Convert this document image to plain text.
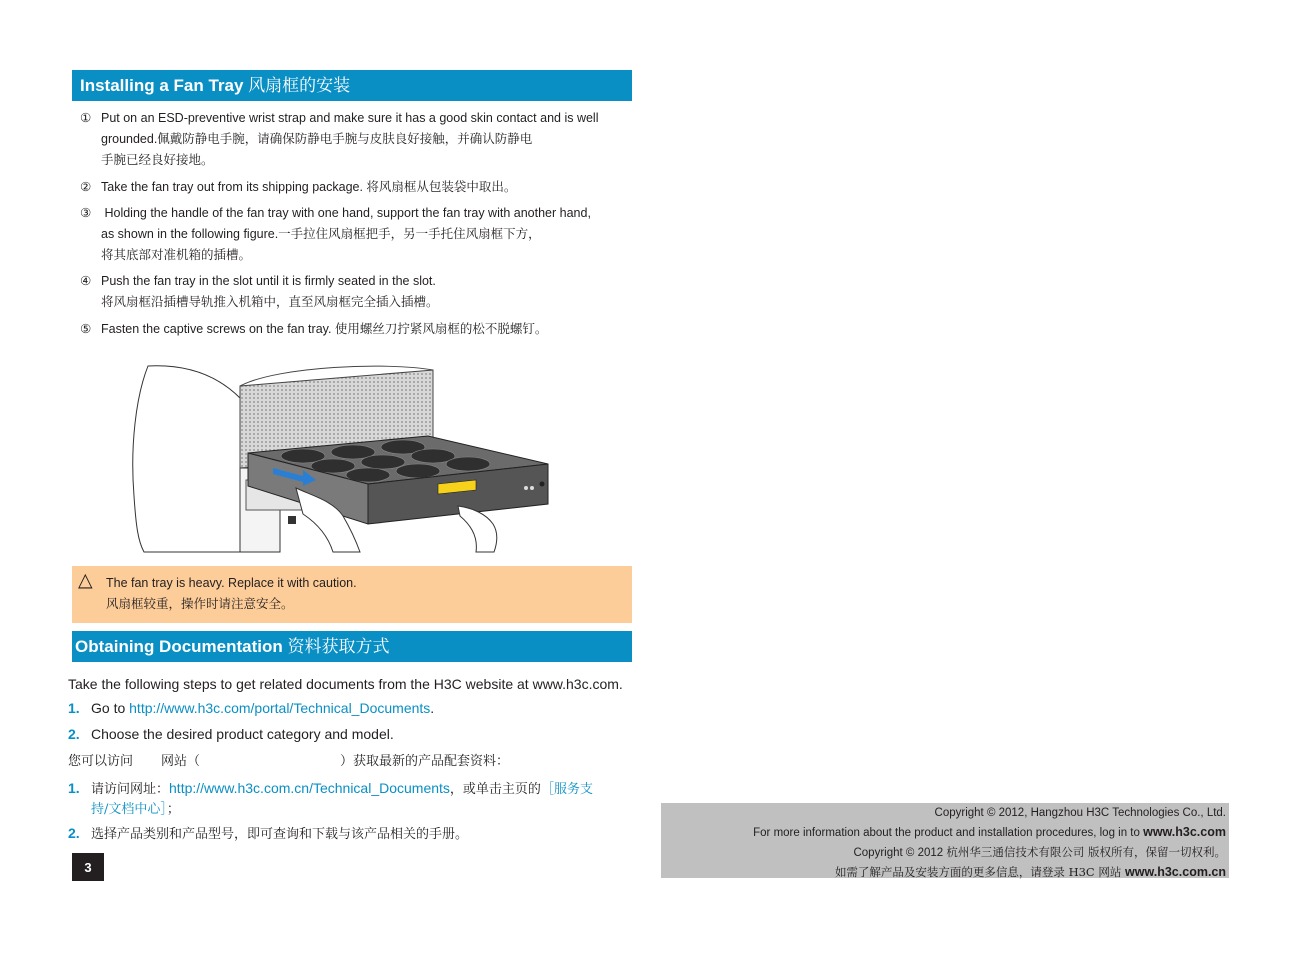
Installing a Fan Tray 风扇框的安装
① Put on an ESD-preventive wrist strap and make sure it has a good skin contact and is well
grounded.佩戴防静电手腕，请确保防静电手腕与皮肤良好接触，并确认防静电
手腕已经良好接地。
② Take the fan tray out from its shipping package. 将风扇框从包装袋中取出。
③ Holding the handle of the fan tray with one hand, support the fan tray with another hand,
as shown in the following figure.一手拉住风扇框把手，另一手托住风扇框下方，
将其底部对准机箱的插槽。
④ Push the fan tray in the slot until it is firmly seated in the slot.
将风扇框沿插槽导轨推入机箱中，直至风扇框完全插入插槽。
⑤ Fasten the captive screws on the fan tray. 使用螺丝刀拧紧风扇框的松不脱螺钉。
△ The fan tray is heavy. Replace it with caution.
风扇框较重，操作时请注意安全。
Obtaining Documentation 资料获取方式
Take the following steps to get related documents from the H3C website at www.h3c.com.
1. Go to http://www.h3c.com/portal/Technical_Documents.
2. Choose the desired product category and model.
您可以访问 网站（	）获取最新的产品配套资料：
1. 请访问网址：http://www.h3c.com.cn/Technical_Documents，或单击主页的［服务支
持/文档中心］；
2. 选择产品类别和产品型号，即可查询和下载与该产品相关的手册。
3
Copyright © 2012, Hangzhou H3C Technologies Co., Ltd.
For more information about the product and installation procedures, log in to www.h3c.com
Copyright © 2012 杭州华三通信技术有限公司 版权所有，保留一切权利。
如需了解产品及安装方面的更多信息，请登录 H3C 网站 www.h3c.com.cn
